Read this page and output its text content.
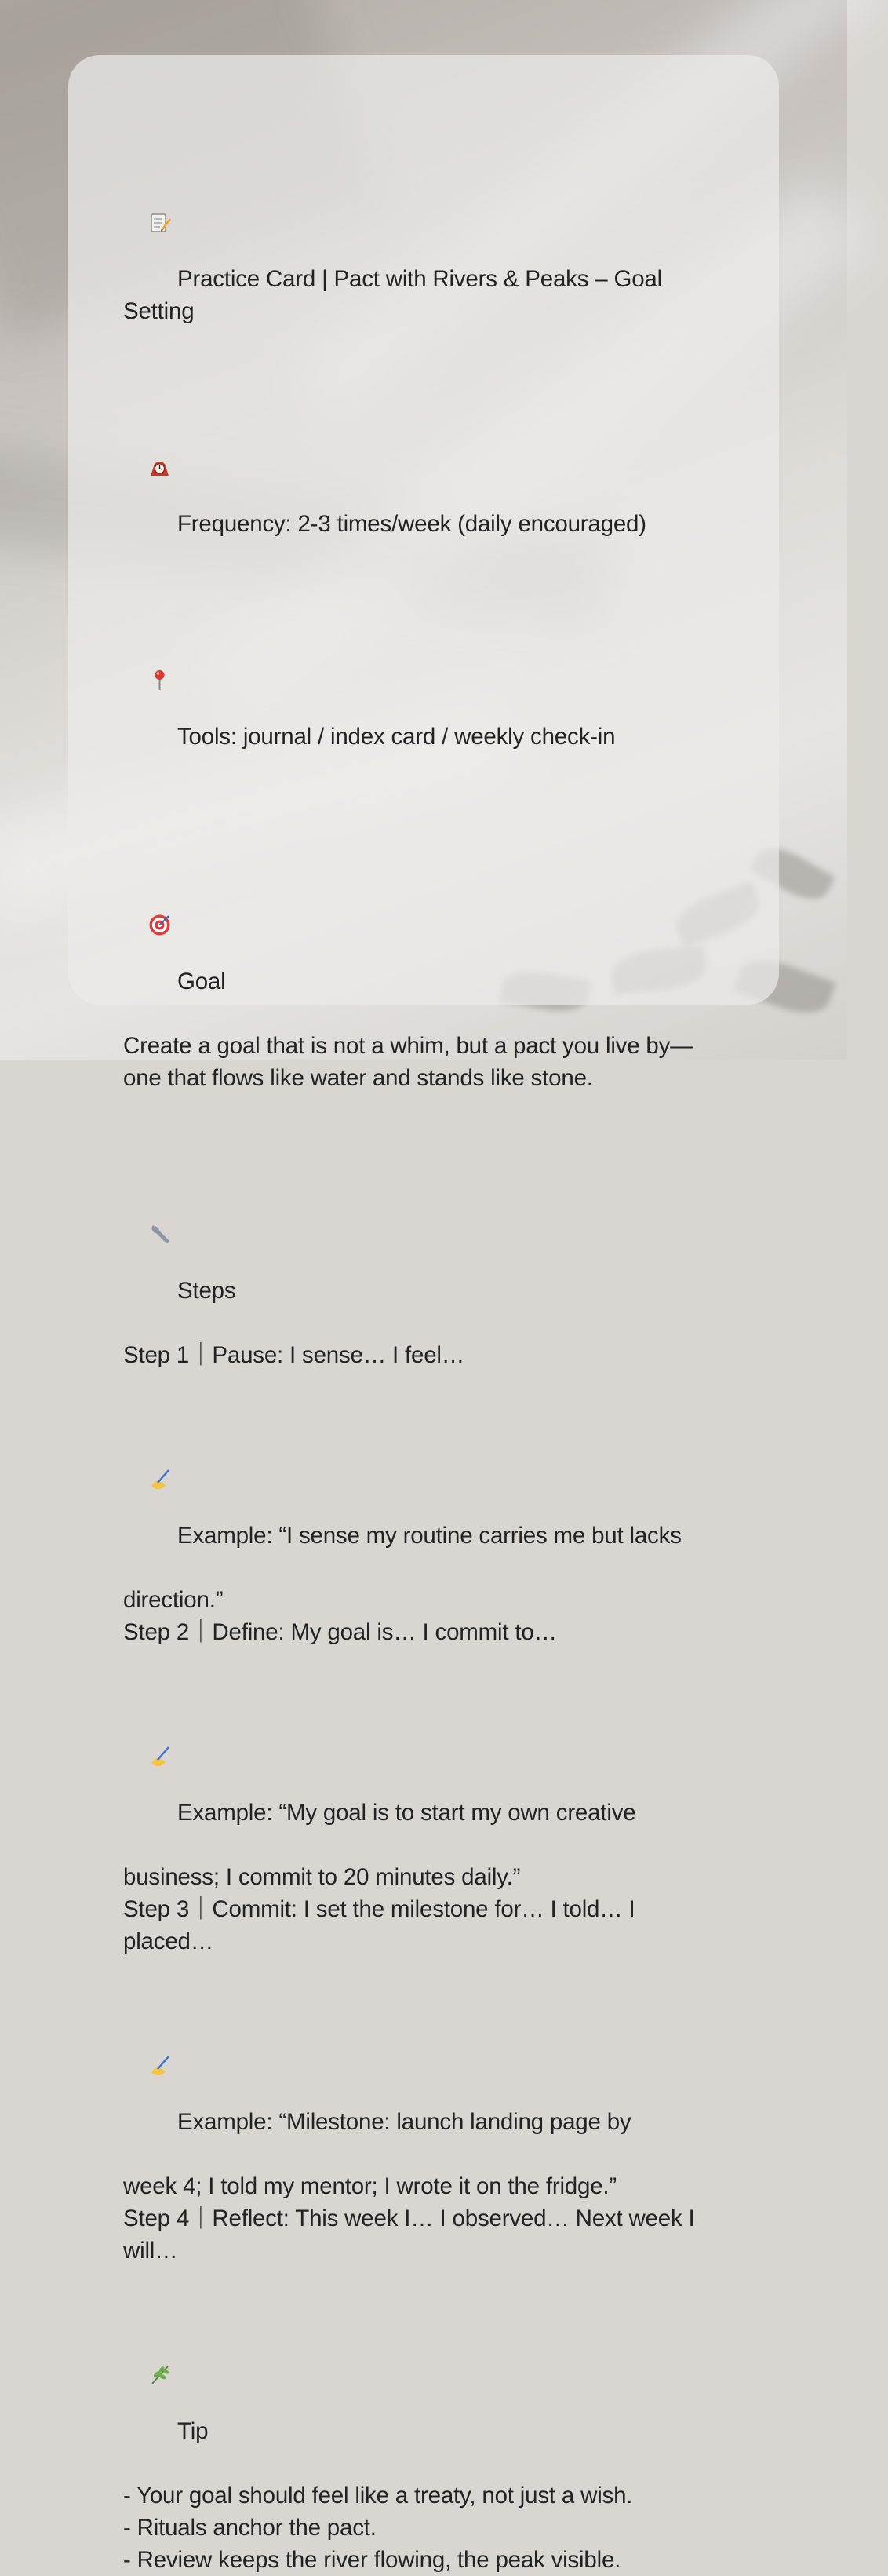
Practice Card | Pact with Rivers & Peaks – Goal Setting

Frequency: 2-3 times/week (daily encouraged)

Tools: journal / index card / weekly check-in

Goal

Create a goal that is not a whim, but a pact you live by—

one that flows like water and stands like stone.

Steps

Step 1｜Pause: I sense… I feel…

Example: “I sense my routine carries me but lacks

direction.”

Step 2｜Define: My goal is… I commit to…

Example: “My goal is to start my own creative

business; I commit to 20 minutes daily.”

Step 3｜Commit: I set the milestone for… I told… I

placed…

Example: “Milestone: launch landing page by

week 4; I told my mentor; I wrote it on the fridge.”

Step 4｜Reflect: This week I… I observed… Next week I

will…

Tip

- Your goal should feel like a treaty, not just a wish.

- Rituals anchor the pact.

- Review keeps the river flowing, the peak visible.
